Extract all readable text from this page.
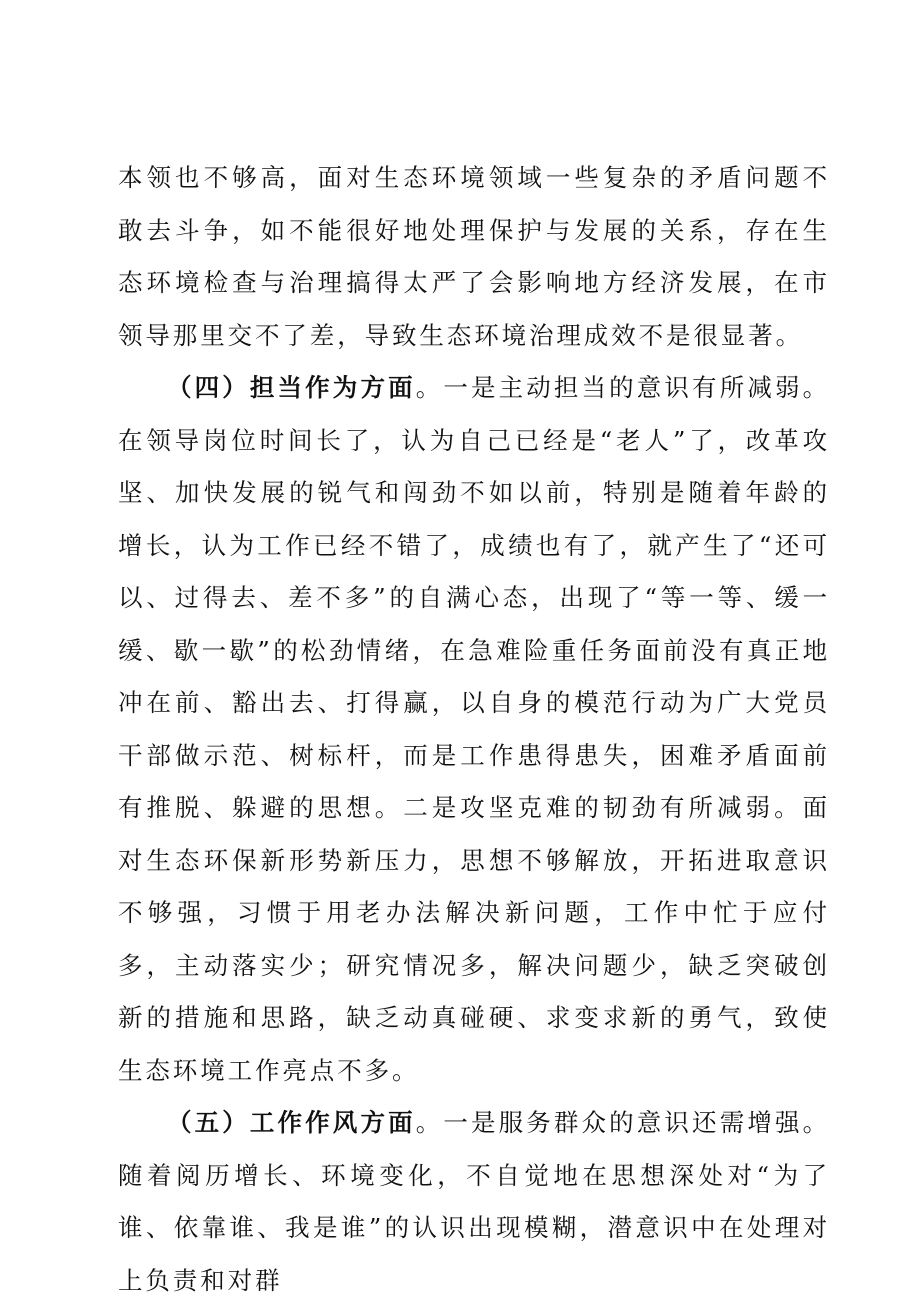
本领也不够高，面对生态环境领域一些复杂的矛盾问题不敢去斗争，如不能很好地处理保护与发展的关系，存在生态环境检查与治理搞得太严了会影响地方经济发展，在市领导那里交不了差，导致生态环境治理成效不是很显著。

（四）担当作为方面。一是主动担当的意识有所减弱。在领导岗位时间长了，认为自己已经是“老人”了，改革攻坚、加快发展的锐气和闯劲不如以前，特别是随着年龄的增长，认为工作已经不错了，成绩也有了，就产生了“还可以、过得去、差不多”的自满心态，出现了“等一等、缓一缓、歇一歇”的松劲情绪，在急难险重任务面前没有真正地冲在前、豁出去、打得赢，以自身的模范行动为广大党员干部做示范、树标杆，而是工作患得患失，困难矛盾面前有推脱、躲避的思想。二是攻坚克难的韧劲有所减弱。面对生态环保新形势新压力，思想不够解放，开拓进取意识不够强，习惯于用老办法解决新问题，工作中忙于应付多，主动落实少；研究情况多，解决问题少，缺乏突破创新的措施和思路，缺乏动真碰硬、求变求新的勇气，致使生态环境工作亮点不多。

（五）工作作风方面。一是服务群众的意识还需增强。随着阅历增长、环境变化，不自觉地在思想深处对“为了谁、依靠谁、我是谁”的认识出现模糊，潜意识中在处理对上负责和对群
